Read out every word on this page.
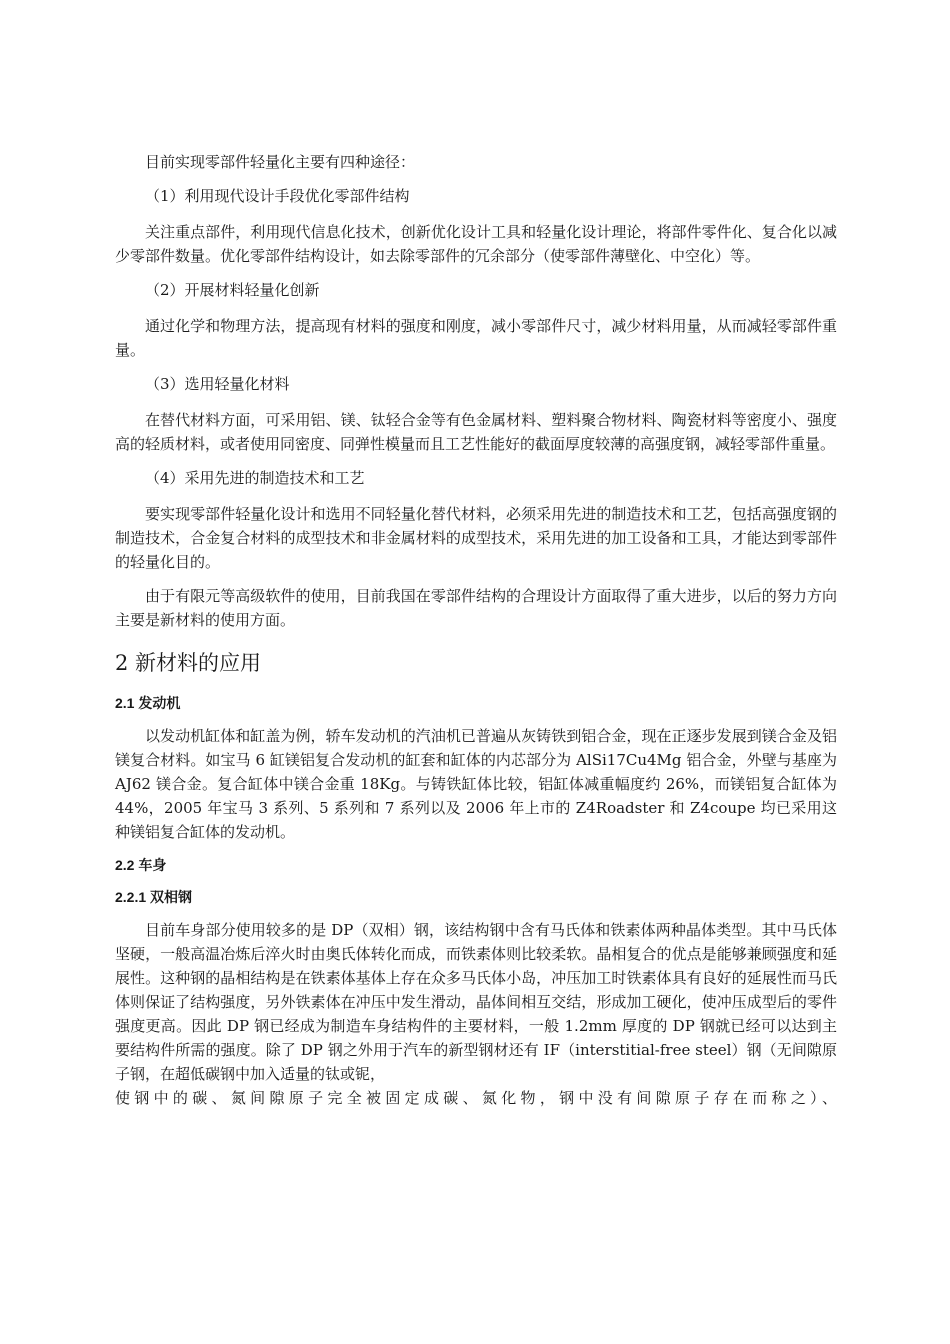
目前实现零部件轻量化主要有四种途径：

（1）利用现代设计手段优化零部件结构

关注重点部件，利用现代信息化技术，创新优化设计工具和轻量化设计理论，将部件零件化、复合化以减少零部件数量。优化零部件结构设计，如去除零部件的冗余部分（使零部件薄壁化、中空化）等。

（2）开展材料轻量化创新

通过化学和物理方法，提高现有材料的强度和刚度，减小零部件尺寸，减少材料用量，从而减轻零部件重量。

（3）选用轻量化材料

在替代材料方面，可采用铝、镁、钛轻合金等有色金属材料、塑料聚合物材料、陶瓷材料等密度小、强度高的轻质材料，或者使用同密度、同弹性模量而且工艺性能好的截面厚度较薄的高强度钢，减轻零部件重量。

（4）采用先进的制造技术和工艺

要实现零部件轻量化设计和选用不同轻量化替代材料，必须采用先进的制造技术和工艺，包括高强度钢的制造技术，合金复合材料的成型技术和非金属材料的成型技术，采用先进的加工设备和工具，才能达到零部件的轻量化目的。

由于有限元等高级软件的使用，目前我国在零部件结构的合理设计方面取得了重大进步，以后的努力方向主要是新材料的使用方面。

2 新材料的应用
2.1 发动机

以发动机缸体和缸盖为例，轿车发动机的汽油机已普遍从灰铸铁到铝合金，现在正逐步发展到镁合金及铝镁复合材料。如宝马 6 缸镁铝复合发动机的缸套和缸体的内芯部分为 AlSi17Cu4Mg 铝合金，外壁与基座为 AJ62 镁合金。复合缸体中镁合金重 18Kg。与铸铁缸体比较，铝缸体减重幅度约 26%，而镁铝复合缸体为 44%，2005 年宝马 3 系列、5 系列和 7 系列以及 2006 年上市的 Z4Roadster 和 Z4coupe 均已采用这种镁铝复合缸体的发动机。

2.2 车身
2.2.1 双相钢

目前车身部分使用较多的是 DP（双相）钢，该结构钢中含有马氏体和铁素体两种晶体类型。其中马氏体坚硬，一般高温冶炼后淬火时由奥氏体转化而成，而铁素体则比较柔软。晶相复合的优点是能够兼顾强度和延展性。这种钢的晶相结构是在铁素体基体上存在众多马氏体小岛，冲压加工时铁素体具有良好的延展性而马氏体则保证了结构强度，另外铁素体在冲压中发生滑动，晶体间相互交结，形成加工硬化，使冲压成型后的零件强度更高。因此 DP 钢已经成为制造车身结构件的主要材料，一般 1.2mm 厚度的 DP 钢就已经可以达到主要结构件所需的强度。除了 DP 钢之外用于汽车的新型钢材还有 IF（interstitial-free steel）钢（无间隙原子钢，在超低碳钢中加入适量的钛或铌，

使钢中的碳、氮间隙原子完全被固定成碳、氮化物，钢中没有间隙原子存在而称之）、
